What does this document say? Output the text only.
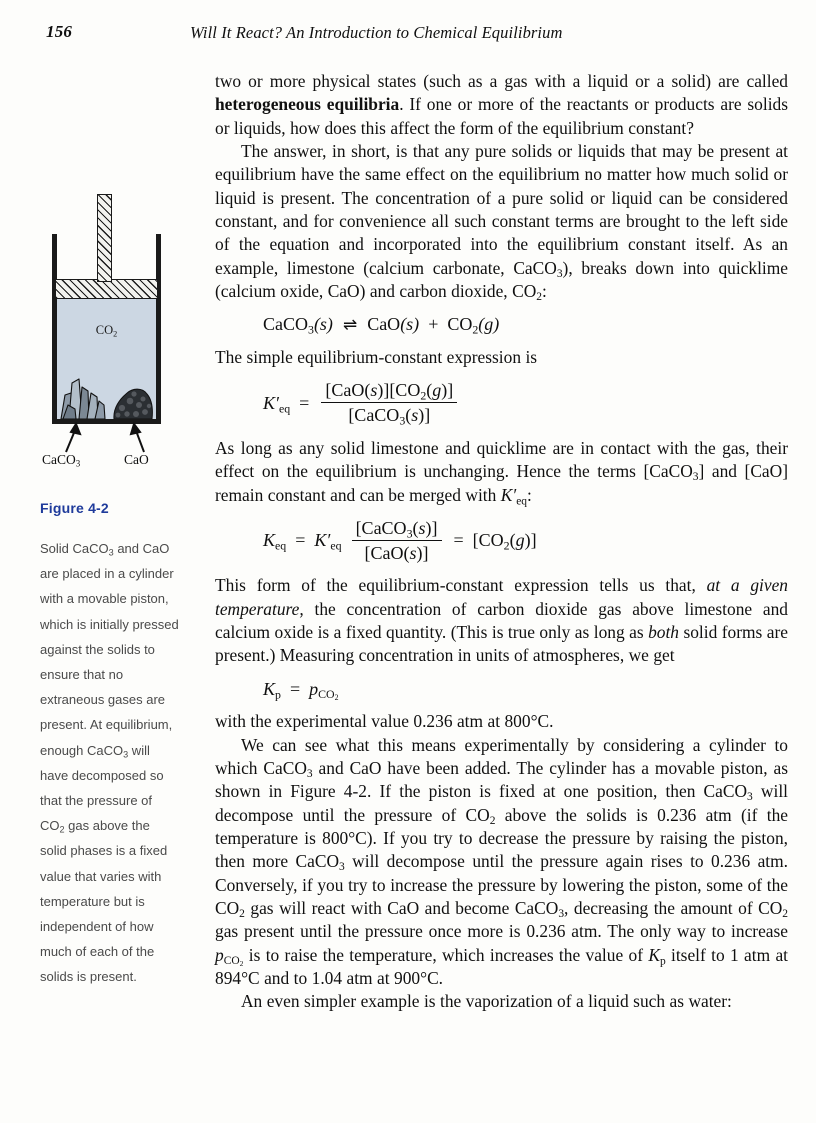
156	Will It React? An Introduction to Chemical Equilibrium
$CO_2$
CaCO$_3$	CaO
Figure 4-2
Solid CaCO$_3$ and CaO are placed in a cylinder with a movable piston, which is initially pressed against the solids to ensure that no extraneous gases are present. At equilibrium, enough CaCO$_3$ will have decomposed so that the pressure of $CO_2$ gas above the solid phases is a fixed value that varies with temperature but is independent of how much of each of the solids is present.

two or more physical states (such as a gas with a liquid or a solid) are called heterogeneous equilibria. If one or more of the reactants or products are solids or liquids, how does this affect the form of the equilibrium constant?

The answer, in short, is that any pure solids or liquids that may be present at equilibrium have the same effect on the equilibrium no matter how much solid or liquid is present. The concentration of a pure solid or liquid can be considered constant, and for convenience all such constant terms are brought to the left side of the equation and incorporated into the equilibrium constant itself. As an example, limestone (calcium carbonate, CaCO$_3$), breaks down into quicklime (calcium oxide, CaO) and carbon dioxide, $CO_2$:

CaCO$_3$(s) ⇌ $CaO(s) + CO_2(g)$

The simple equilibrium-constant expression is

$K'eq = \frac{[CaO(s)][CO_2(g)]}{[CaCO_3(s)]}$

As long as any solid limestone and quicklime are in contact with the gas, their effect on the equilibrium is unchanging. Hence the terms [CaCO$_3$] and [CaO] remain constant and can be merged with K′eq:

Keq = $K'eq \frac{[CaCO_3(s)]}{\text{[CaO(s)]}} = [CO_2(g)]$

This form of the equilibrium-constant expression tells us that, at a given temperature, the concentration of carbon dioxide gas above limestone and calcium oxide is a fixed quantity. (This is true only as long as both solid forms are present.) Measuring concentration in units of atmospheres, we get

Kp = pCO$_2$

with the experimental value 0.236 atm at 800°C.

We can see what this means experimentally by considering a cylinder to which CaCO$_3$ and CaO have been added. The cylinder has a movable piston, as shown in Figure 4-2. If the piston is fixed at one position, then CaCO$_3$ will decompose until the pressure of $CO_2$ above the solids is 0.236 atm (if the temperature is 800°C). If you try to decrease the pressure by raising the piston, then more CaCO$_3$ will decompose until the pressure again rises to 0.236 atm. Conversely, if you try to increase the pressure by lowering the piston, some of the $CO_2$ gas will react with CaO and become CaCO$_3$, decreasing the amount of $CO_2$ gas present until the pressure once more is 0.236 atm. The only way to increase $p_{CO_2}$ is to raise the temperature, which increases the value of Kp itself to 1 atm at 894°C and to 1.04 atm at 900°C.

An even simpler example is the vaporization of a liquid such as water:
